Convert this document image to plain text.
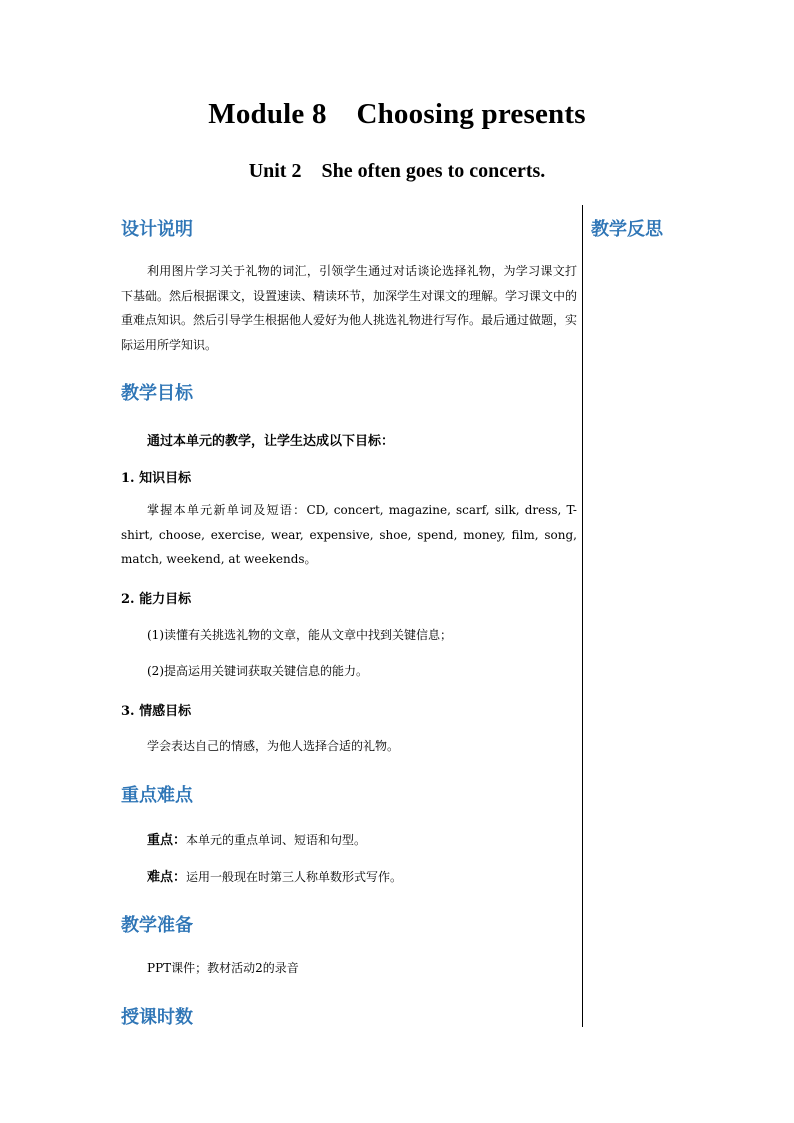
Module 8    Choosing presents
Unit 2    She often goes to concerts.
教学反思
设计说明
利用图片学习关于礼物的词汇，引领学生通过对话谈论选择礼物，为学习课文打下基础。然后根据课文，设置速读、精读环节，加深学生对课文的理解。学习课文中的重难点知识。然后引导学生根据他人爱好为他人挑选礼物进行写作。最后通过做题，实际运用所学知识。
教学目标
通过本单元的教学，让学生达成以下目标：
1. 知识目标
掌握本单元新单词及短语：CD, concert, magazine, scarf, silk, dress, T-shirt, choose, exercise, wear, expensive, shoe, spend, money, film, song, match, weekend, at weekends。
2. 能力目标
(1)读懂有关挑选礼物的文章，能从文章中找到关键信息；
(2)提高运用关键词获取关键信息的能力。
3. 情感目标
学会表达自己的情感，为他人选择合适的礼物。
重点难点
重点：本单元的重点单词、短语和句型。
难点：运用一般现在时第三人称单数形式写作。
教学准备
PPT课件；教材活动2的录音
授课时数
